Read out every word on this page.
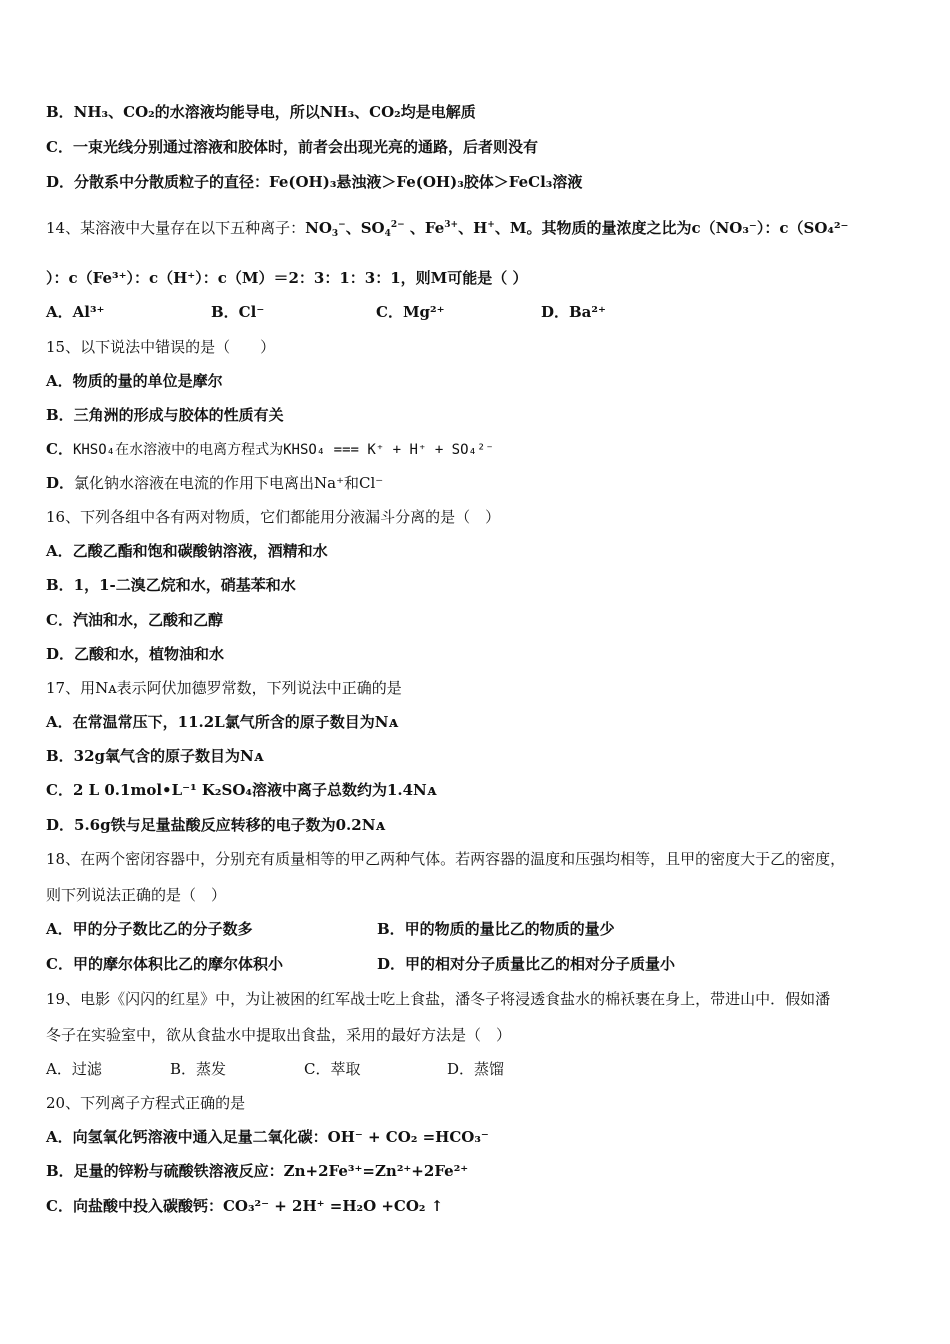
B．NH₃、CO₂的水溶液均能导电，所以NH₃、CO₂均是电解质
C．一束光线分别通过溶液和胶体时，前者会出现光亮的通路，后者则没有
D．分散系中分散质粒子的直径：Fe(OH)₃悬浊液＞Fe(OH)₃胶体＞FeCl₃溶液
14、某溶液中大量存在以下五种离子：$NO_3^-$、$SO_4^{2-}$ 、$Fe^{3+}$、H+、M。其物质的量浓度之比为c（NO₃⁻）：c（SO₄²⁻
）：c（Fe³⁺）：c（H⁺）：c（M）＝2：3：1：3：1，则M可能是（ ）
A．Al³⁺	B．Cl⁻	C．Mg²⁺	D．Ba²⁺
15、以下说法中错误的是（　　）
A．物质的量的单位是摩尔
B．三角洲的形成与胶体的性质有关
C．KHSO₄在水溶液中的电离方程式为KHSO₄ === K⁺ + H⁺ + SO₄²⁻
D．氯化钠水溶液在电流的作用下电离出Na⁺和Cl⁻
16、下列各组中各有两对物质，它们都能用分液漏斗分离的是（　）
A．乙酸乙酯和饱和碳酸钠溶液，酒精和水
B．1，1-二溴乙烷和水，硝基苯和水
C．汽油和水，乙酸和乙醇
D．乙酸和水，植物油和水
17、用Nᴀ表示阿伏加德罗常数，下列说法中正确的是
A．在常温常压下，11.2L氯气所含的原子数目为Nᴀ
B．32g氧气含的原子数目为Nᴀ
C．2 L 0.1mol•L⁻¹ K₂SO₄溶液中离子总数约为1.4Nᴀ
D．5.6g铁与足量盐酸反应转移的电子数为0.2Nᴀ
18、在两个密闭容器中，分别充有质量相等的甲乙两种气体。若两容器的温度和压强均相等，且甲的密度大于乙的密度，
则下列说法正确的是（　）
A．甲的分子数比乙的分子数多	B．甲的物质的量比乙的物质的量少
C．甲的摩尔体积比乙的摩尔体积小	D．甲的相对分子质量比乙的相对分子质量小
19、电影《闪闪的红星》中，为让被困的红军战士吃上食盐，潘冬子将浸透食盐水的棉袄裹在身上，带进山中．假如潘
冬子在实验室中，欲从食盐水中提取出食盐，采用的最好方法是（　）
A．过滤	B．蒸发	C．萃取	D．蒸馏
20、下列离子方程式正确的是
A．向氢氧化钙溶液中通入足量二氧化碳：OH⁻ + CO₂ =HCO₃⁻
B．足量的锌粉与硫酸铁溶液反应：Zn+2Fe³⁺=Zn²⁺+2Fe²⁺
C．向盐酸中投入碳酸钙：CO₃²⁻ + 2H⁺ =H₂O +CO₂ ↑
